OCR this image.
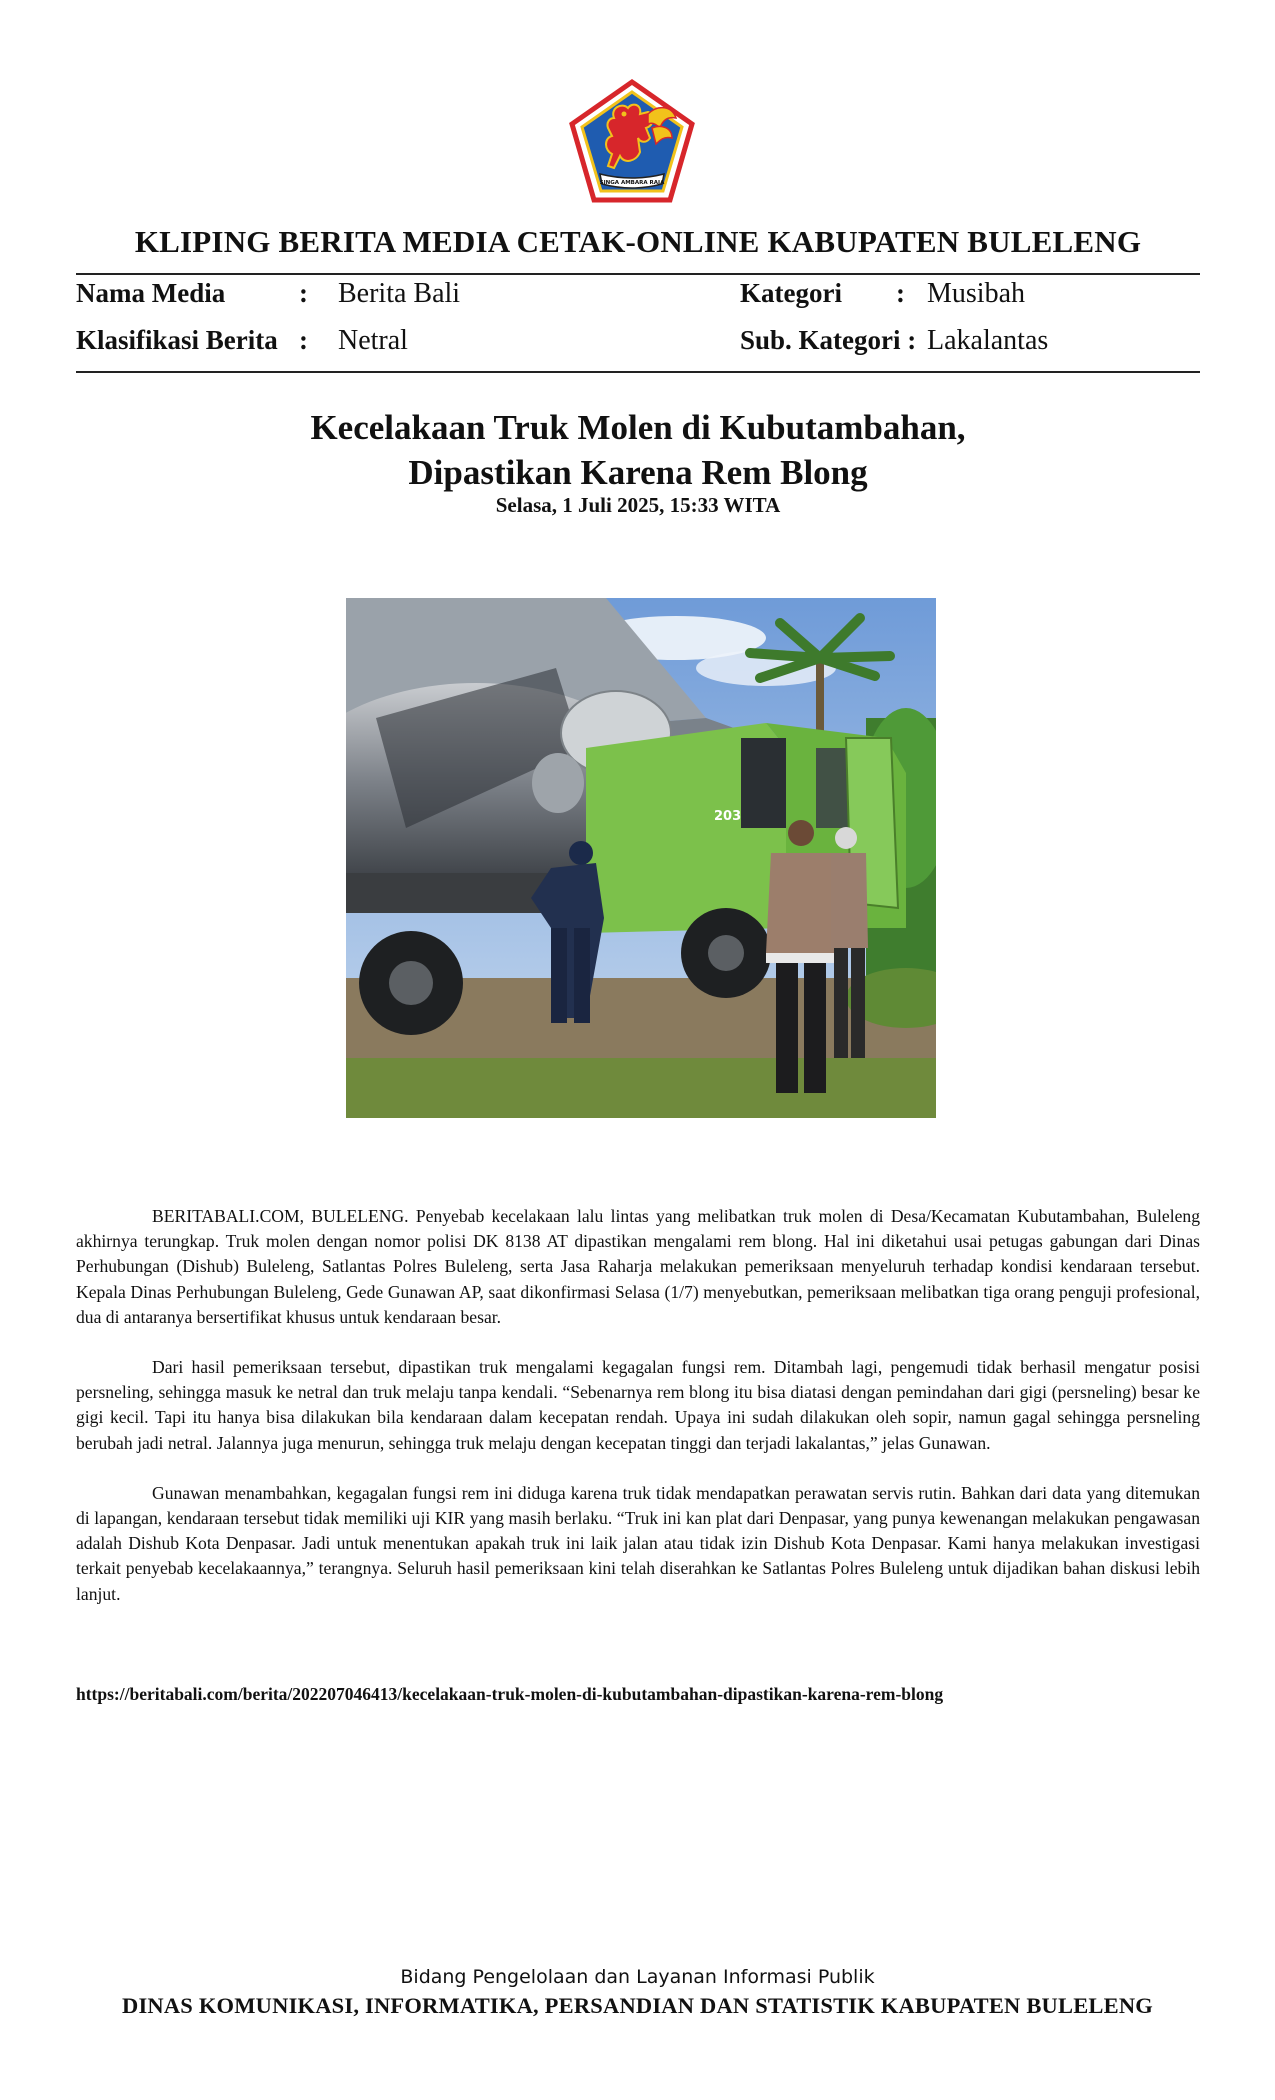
SINGA AMBARA RAJA
KLIPING BERITA MEDIA CETAK-ONLINE KABUPATEN BULELENG
Nama Media	: Berita Bali	Kategori : Musibah
Klasifikasi Berita : Netral	Sub. Kategori : Lakalantas
Kecelakaan Truk Molen di Kubutambahan,
Dipastikan Karena Rem Blong
Selasa, 1 Juli 2025, 15:33 WITA
203

BERITABALI.COM, BULELENG. Penyebab kecelakaan lalu lintas yang melibatkan truk molen di Desa/Kecamatan Kubutambahan, Buleleng akhirnya terungkap. Truk molen dengan nomor polisi DK 8138 AT dipastikan mengalami rem blong. Hal ini diketahui usai petugas gabungan dari Dinas Perhubungan (Dishub) Buleleng, Satlantas Polres Buleleng, serta Jasa Raharja melakukan pemeriksaan menyeluruh terhadap kondisi kendaraan tersebut. Kepala Dinas Perhubungan Buleleng, Gede Gunawan AP, saat dikonfirmasi Selasa (1/7) menyebutkan, pemeriksaan melibatkan tiga orang penguji profesional, dua di antaranya bersertifikat khusus untuk kendaraan besar.

Dari hasil pemeriksaan tersebut, dipastikan truk mengalami kegagalan fungsi rem. Ditambah lagi, pengemudi tidak berhasil mengatur posisi persneling, sehingga masuk ke netral dan truk melaju tanpa kendali. “Sebenarnya rem blong itu bisa diatasi dengan pemindahan dari gigi (persneling) besar ke gigi kecil. Tapi itu hanya bisa dilakukan bila kendaraan dalam kecepatan rendah. Upaya ini sudah dilakukan oleh sopir, namun gagal sehingga persneling berubah jadi netral. Jalannya juga menurun, sehingga truk melaju dengan kecepatan tinggi dan terjadi lakalantas,” jelas Gunawan.

Gunawan menambahkan, kegagalan fungsi rem ini diduga karena truk tidak mendapatkan perawatan servis rutin. Bahkan dari data yang ditemukan di lapangan, kendaraan tersebut tidak memiliki uji KIR yang masih berlaku. “Truk ini kan plat dari Denpasar, yang punya kewenangan melakukan pengawasan adalah Dishub Kota Denpasar. Jadi untuk menentukan apakah truk ini laik jalan atau tidak izin Dishub Kota Denpasar. Kami hanya melakukan investigasi terkait penyebab kecelakaannya,” terangnya. Seluruh hasil pemeriksaan kini telah diserahkan ke Satlantas Polres Buleleng untuk dijadikan bahan diskusi lebih lanjut.

https://beritabali.com/berita/202207046413/kecelakaan-truk-molen-di-kubutambahan-dipastikan-karena-rem-blong
Bidang Pengelolaan dan Layanan Informasi Publik
DINAS KOMUNIKASI, INFORMATIKA, PERSANDIAN DAN STATISTIK KABUPATEN BULELENG
